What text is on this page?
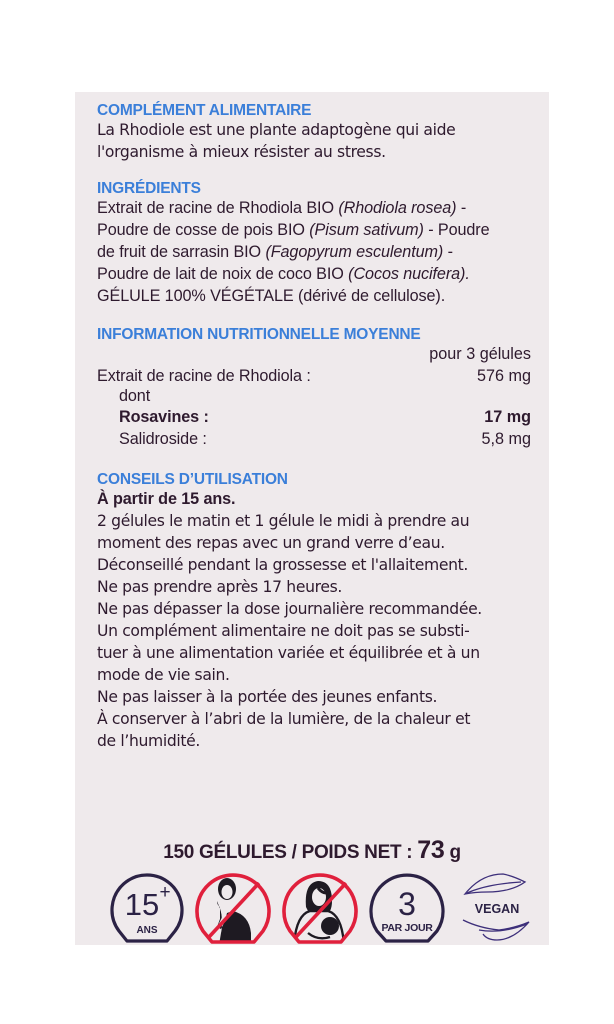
COMPLÉMENT ALIMENTAIRE
La Rhodiole est une plante adaptogène qui aide
l'organisme à mieux résister au stress.
INGRÉDIENTS
Extrait de racine de Rhodiola BIO (Rhodiola rosea) -
Poudre de cosse de pois BIO (Pisum sativum) - Poudre
de fruit de sarrasin BIO (Fagopyrum esculentum) -
Poudre de lait de noix de coco BIO (Cocos nucifera).
GÉLULE 100% VÉGÉTALE (dérivé de cellulose).
INFORMATION NUTRITIONNELLE MOYENNE
pour 3 gélules
Extrait de racine de Rhodiola :	576 mg
dont
Rosavines :	17 mg
Salidroside :	5,8 mg
CONSEILS D’UTILISATION
À partir de 15 ans.
2 gélules le matin et 1 gélule le midi à prendre au
moment des repas avec un grand verre d’eau.
Déconseillé pendant la grossesse et l'allaitement.
Ne pas prendre après 17 heures.
Ne pas dépasser la dose journalière recommandée.
Un complément alimentaire ne doit pas se substi-
tuer à une alimentation variée et équilibrée et à un
mode de vie sain.
Ne pas laisser à la portée des jeunes enfants.
À conserver à l’abri de la lumière, de la chaleur et
de l’humidité.
150 GÉLULES / POIDS NET : 73 g
15 +
ANS
3
PAR JOUR
VEGAN
